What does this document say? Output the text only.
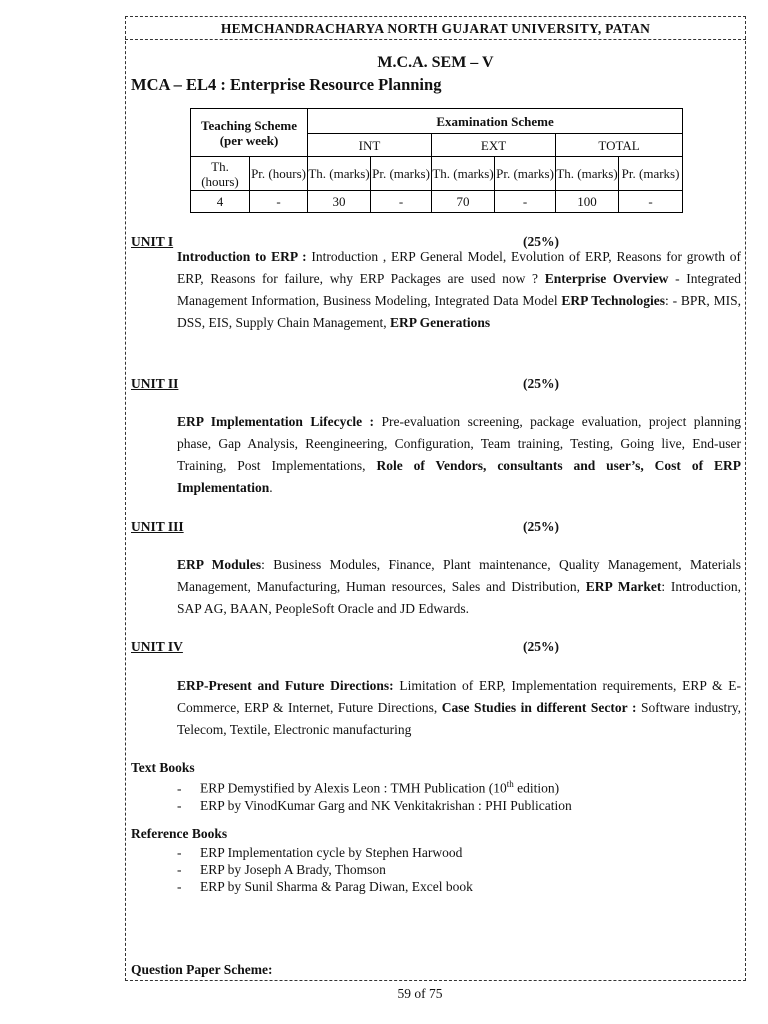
HEMCHANDRACHARYA NORTH GUJARAT UNIVERSITY, PATAN
M.C.A. SEM – V
MCA – EL4 : Enterprise Resource Planning
Teaching Scheme (per week)		Examination Scheme					
		INT		EXT		TOTAL	
Th. (hours)	Pr. (hours)	Th. (marks)	Pr. (marks)	Th. (marks)	Pr. (marks)	Th. (marks)	Pr. (marks)
4	-	30	-	70	-	100	-
UNIT I	(25%)
Introduction to ERP : Introduction , ERP General Model, Evolution of ERP, Reasons for growth of ERP, Reasons for failure, why ERP Packages are used now ? Enterprise Overview - Integrated Management Information, Business Modeling, Integrated Data Model ERP Technologies: - BPR, MIS, DSS, EIS, Supply Chain Management, ERP Generations
UNIT II	(25%)
ERP Implementation Lifecycle : Pre-evaluation screening, package evaluation, project planning phase, Gap Analysis, Reengineering, Configuration, Team training, Testing, Going live, End-user Training, Post Implementations, Role of Vendors, consultants and user’s, Cost of ERP Implementation.
UNIT III	(25%)
ERP Modules: Business Modules, Finance, Plant maintenance, Quality Management, Materials Management, Manufacturing, Human resources, Sales and Distribution, ERP Market: Introduction, SAP AG, BAAN, PeopleSoft Oracle and JD Edwards.
UNIT IV	(25%)
ERP-Present and Future Directions: Limitation of ERP, Implementation requirements, ERP & E-Commerce, ERP & Internet, Future Directions, Case Studies in different Sector : Software industry, Telecom, Textile, Electronic manufacturing
Text Books
- ERP Demystified by Alexis Leon : TMH Publication (10th edition)
- ERP by VinodKumar Garg and NK Venkitakrishan : PHI Publication
Reference Books
- ERP Implementation cycle by Stephen Harwood
- ERP by Joseph A Brady, Thomson
- ERP by Sunil Sharma & Parag Diwan, Excel book
Question Paper Scheme:
59 of 75
